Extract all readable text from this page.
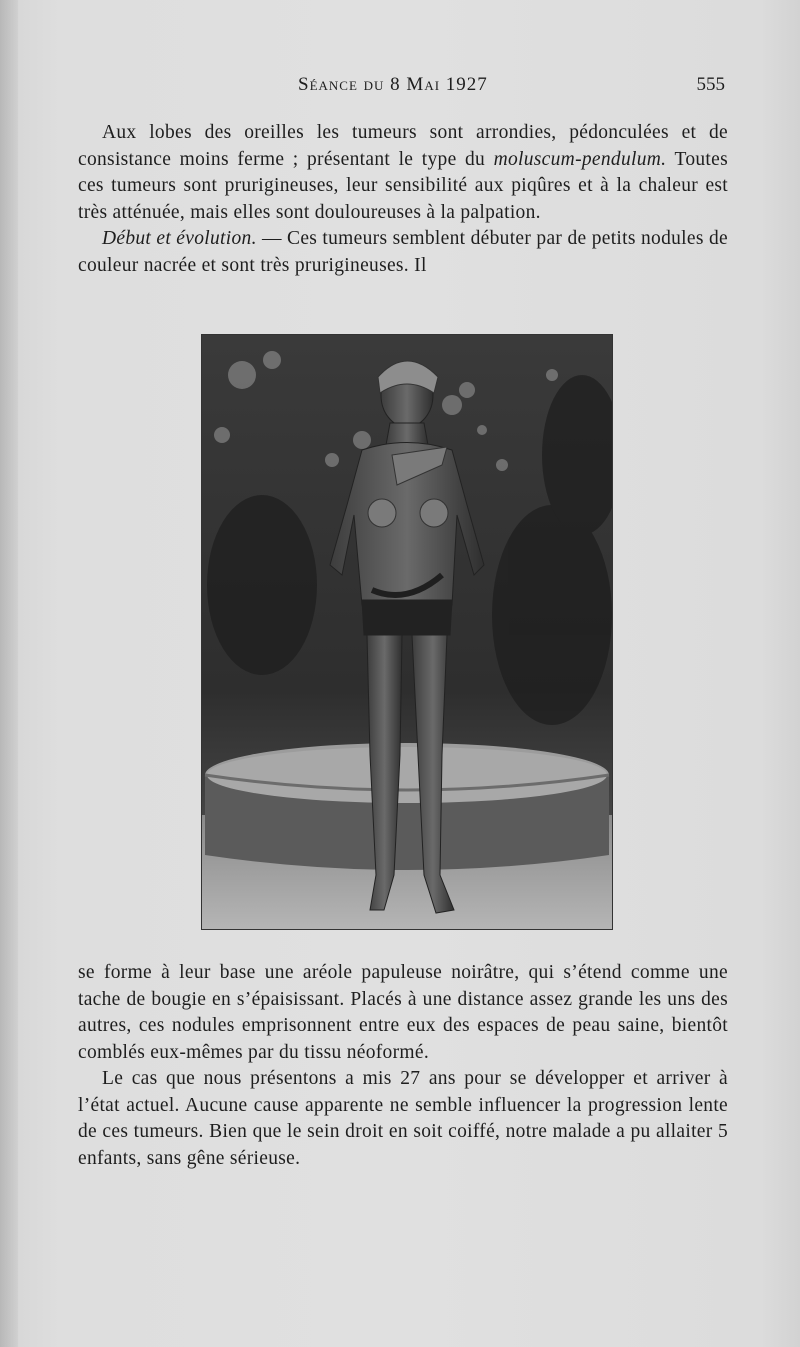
Séance du 8 Mai 1927	555

Aux lobes des oreilles les tumeurs sont arrondies, pédonculées et de consistance moins ferme ; présentant le type du moluscum-pendulum. Toutes ces tumeurs sont prurigineuses, leur sensibilité aux piqûres et à la chaleur est très atténuée, mais elles sont douloureuses à la palpation.

Début et évolution. — Ces tumeurs semblent débuter par de petits nodules de couleur nacrée et sont très prurigineuses. Il

se forme à leur base une aréole papuleuse noirâtre, qui s’étend comme une tache de bougie en s’épaisissant. Placés à une distance assez grande les uns des autres, ces nodules emprisonnent entre eux des espaces de peau saine, bientôt comblés eux-mêmes par du tissu néoformé.

Le cas que nous présentons a mis 27 ans pour se développer et arriver à l’état actuel. Aucune cause apparente ne semble influencer la progression lente de ces tumeurs. Bien que le sein droit en soit coiffé, notre malade a pu allaiter 5 enfants, sans gêne sérieuse.
